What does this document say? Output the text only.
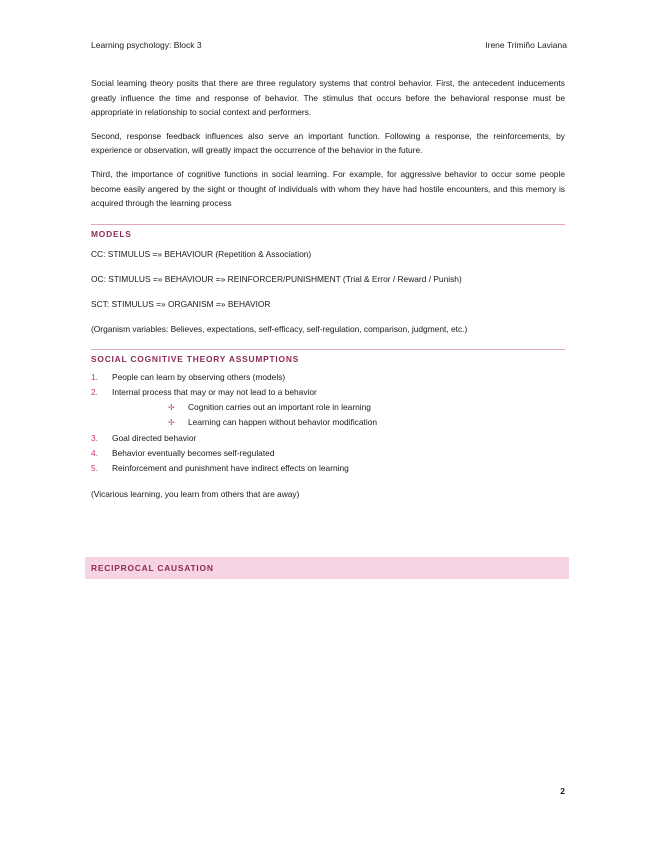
Learning psychology: Block 3	Irene Trimiño Laviana

Social learning theory posits that there are three regulatory systems that control behavior. First, the antecedent inducements greatly influence the time and response of behavior. The stimulus that occurs before the behavioral response must be appropriate in relationship to social context and performers.

Second, response feedback influences also serve an important function. Following a response, the reinforcements, by experience or observation, will greatly impact the occurrence of the behavior in the future.

Third, the importance of cognitive functions in social learning. For example, for aggressive behavior to occur some people become easily angered by the sight or thought of individuals with whom they have had hostile encounters, and this memory is acquired through the learning process

MODELS

CC: STIMULUS =» BEHAVIOUR (Repetition & Association)

OC: STIMULUS =» BEHAVIOUR =» REINFORCER/PUNISHMENT (Trial & Error / Reward / Punish)

SCT: STIMULUS =» ORGANISM =» BEHAVIOR

(Organism variables: Believes, expectations, self-efficacy, self-regulation, comparison, judgment, etc.)

SOCIAL COGNITIVE THEORY ASSUMPTIONS
1. People can learn by observing others (models)
2. Internal process that may or may not lead to a behavior
✢ Cognition carries out an important role in learning
✢ Learning can happen without behavior modification
3. Goal directed behavior
4. Behavior eventually becomes self-regulated
5. Reinforcement and punishment have indirect effects on learning

(Vicarious learning, you learn from others that are away)

RECIPROCAL CAUSATION
2
